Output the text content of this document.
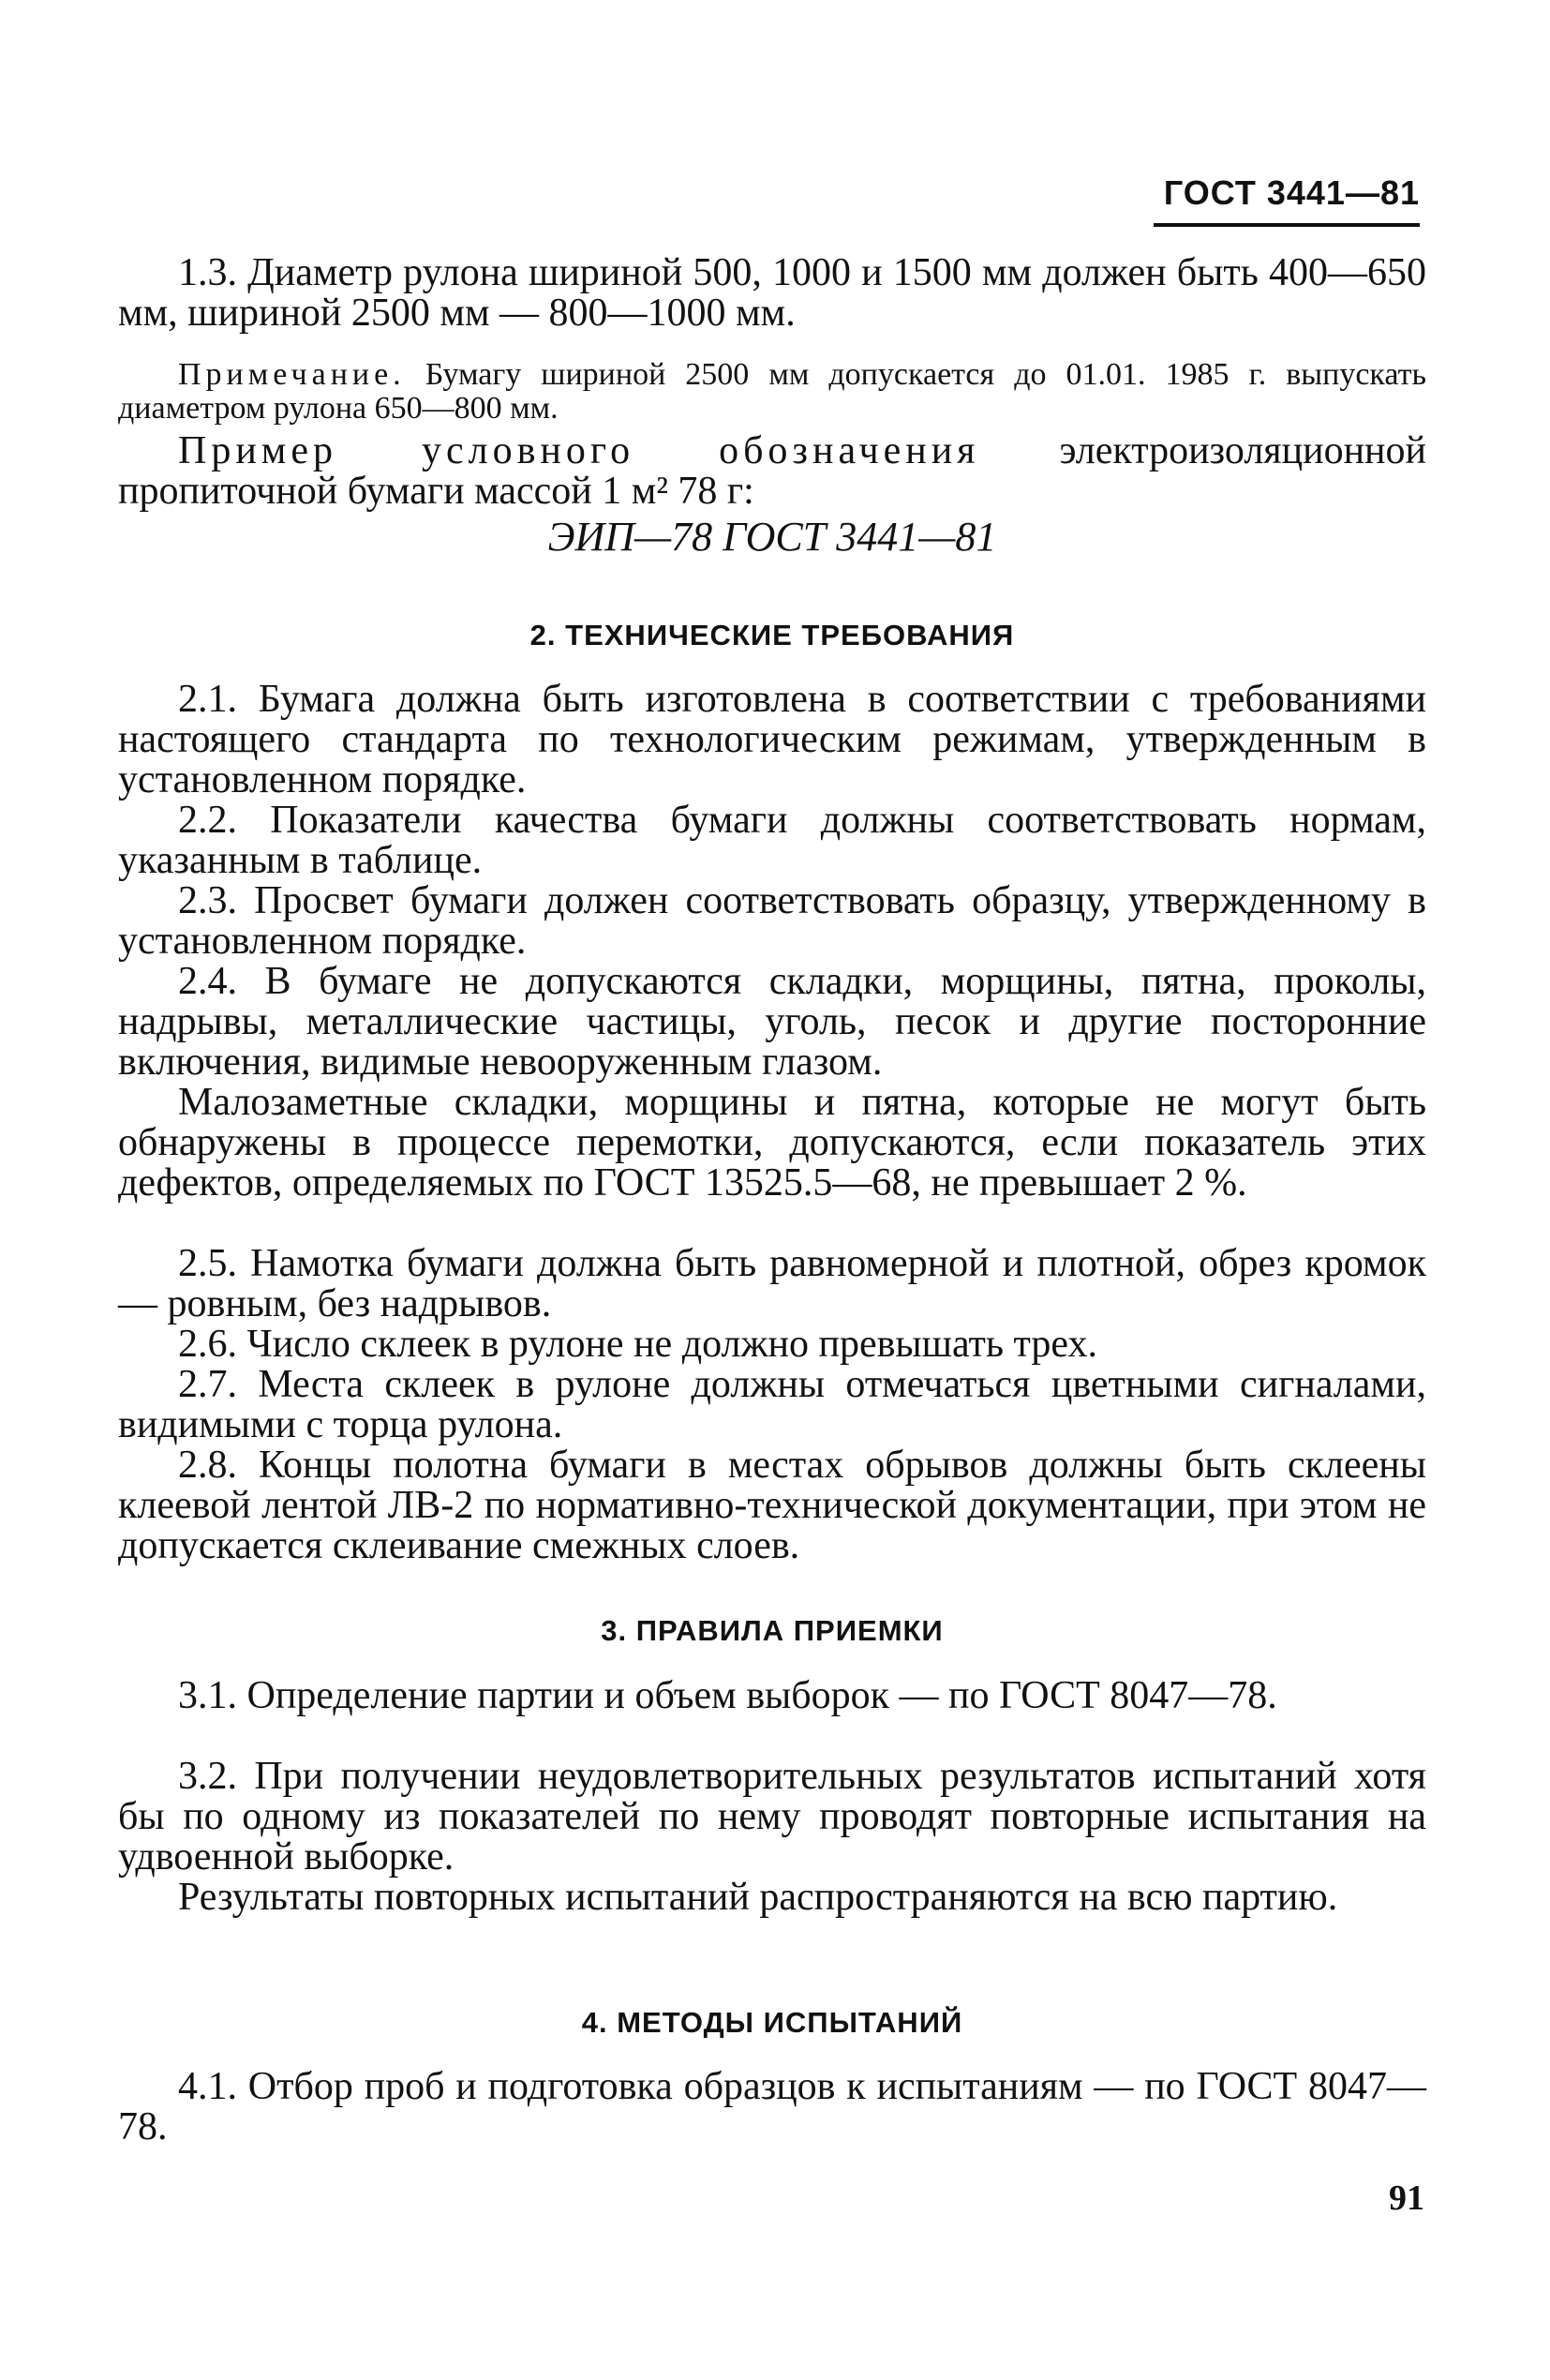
ГОСТ 3441—81
1.3. Диаметр рулона шириной 500, 1000 и 1500 мм должен быть 400—650 мм, шириной 2500 мм — 800—1000 мм.
Примечание. Бумагу шириной 2500 мм допускается до 01.01. 1985 г. выпускать диаметром рулона 650—800 мм.
Пример условного обозначения электроизоляционной пропиточной бумаги массой 1 м² 78 г:
ЭИП—78 ГОСТ 3441—81
2. ТЕХНИЧЕСКИЕ ТРЕБОВАНИЯ
2.1. Бумага должна быть изготовлена в соответствии с требованиями настоящего стандарта по технологическим режимам, утвержденным в установленном порядке.
2.2. Показатели качества бумаги должны соответствовать нормам, указанным в таблице.
2.3. Просвет бумаги должен соответствовать образцу, утвержденному в установленном порядке.
2.4. В бумаге не допускаются складки, морщины, пятна, проколы, надрывы, металлические частицы, уголь, песок и другие посторонние включения, видимые невооруженным глазом.
Малозаметные складки, морщины и пятна, которые не могут быть обнаружены в процессе перемотки, допускаются, если показатель этих дефектов, определяемых по ГОСТ 13525.5—68, не превышает 2 %.
2.5. Намотка бумаги должна быть равномерной и плотной, обрез кромок — ровным, без надрывов.
2.6. Число склеек в рулоне не должно превышать трех.
2.7. Места склеек в рулоне должны отмечаться цветными сигналами, видимыми с торца рулона.
2.8. Концы полотна бумаги в местах обрывов должны быть склеены клеевой лентой ЛВ-2 по нормативно-технической документации, при этом не допускается склеивание смежных слоев.
3. ПРАВИЛА ПРИЕМКИ
3.1. Определение партии и объем выборок — по ГОСТ 8047—78.
3.2. При получении неудовлетворительных результатов испытаний хотя бы по одному из показателей по нему проводят повторные испытания на удвоенной выборке.
Результаты повторных испытаний распространяются на всю партию.
4. МЕТОДЫ ИСПЫТАНИЙ
4.1. Отбор проб и подготовка образцов к испытаниям — по ГОСТ 8047—78.
91
